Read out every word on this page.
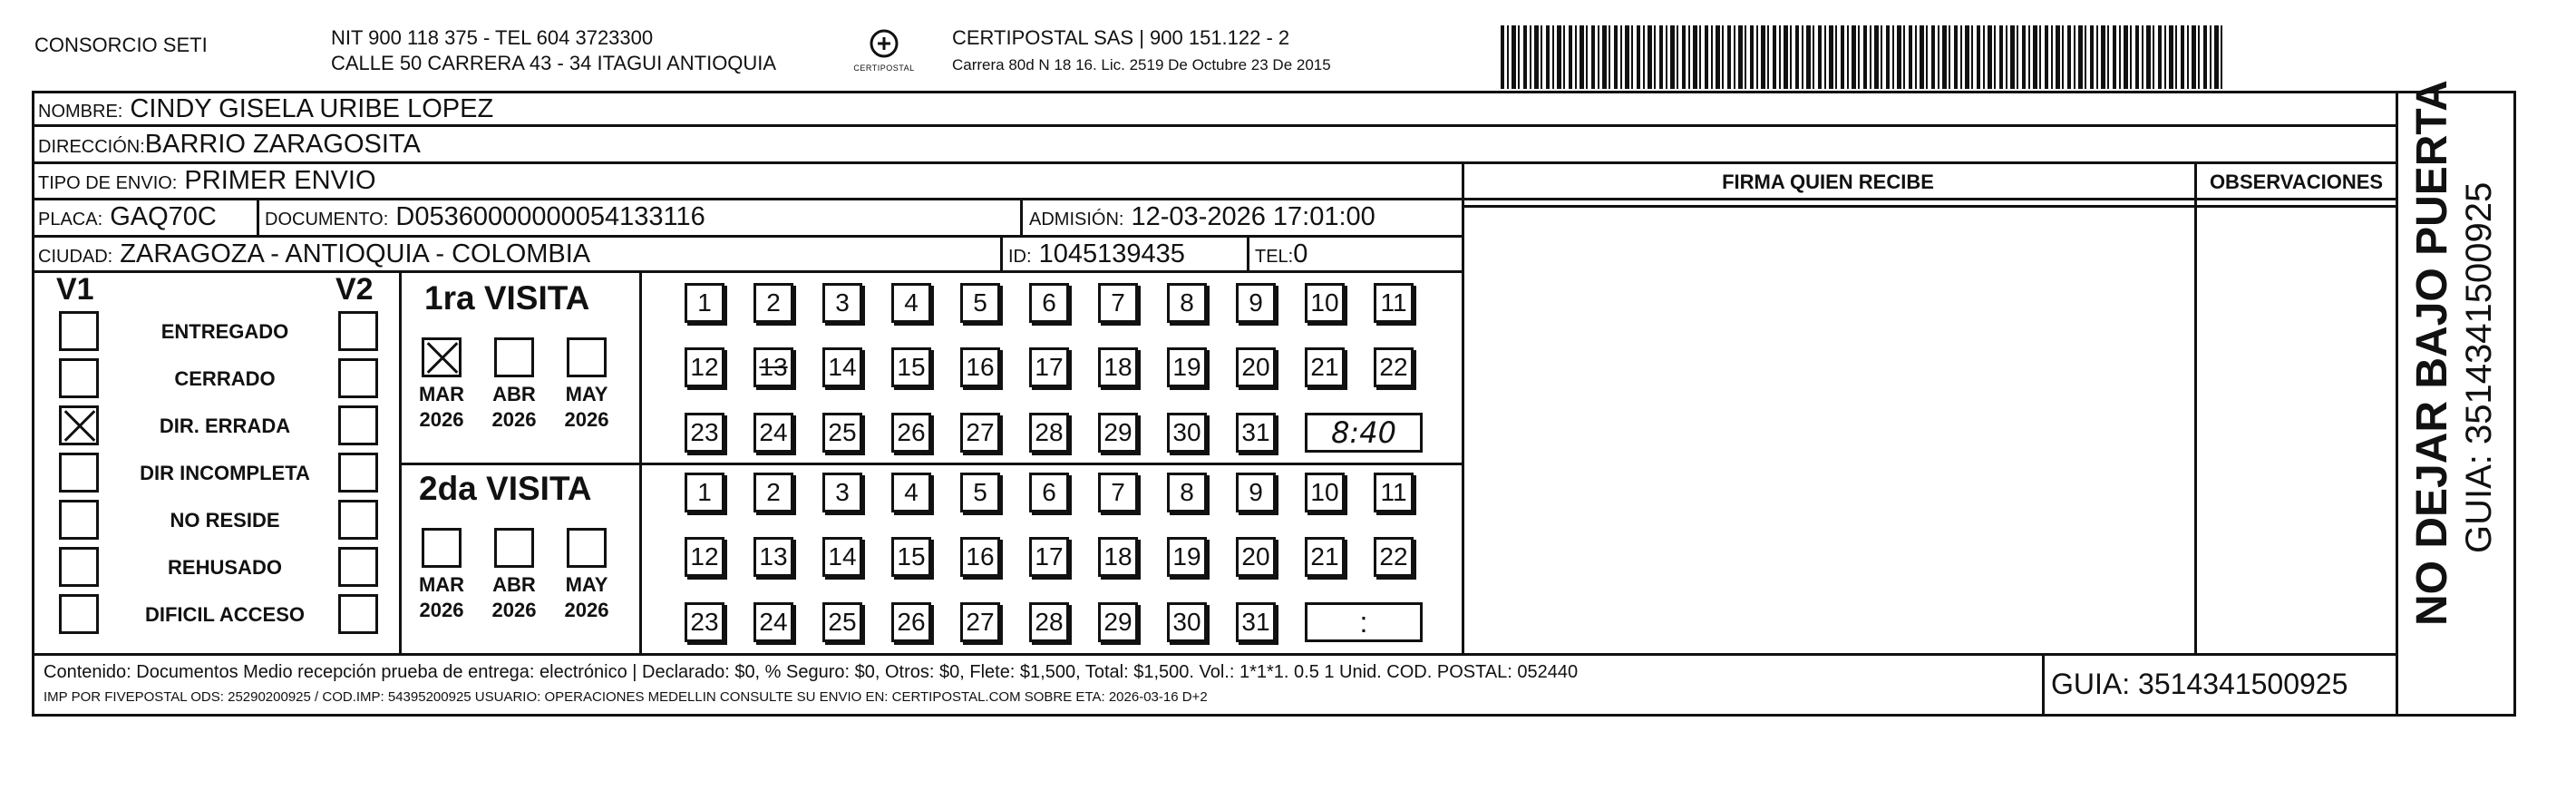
CONSORCIO SETI	NIT 900 118 375 - TEL 604 3723300
CALLE 50 CARRERA 43 - 34 ITAGUI ANTIOQUIA	CERTIPOSTAL
CERTIPOSTAL SAS | 900 151.122 - 2
Carrera 80d N 18 16. Lic. 2519 De Octubre 23 De 2015
NOMBRE: CINDY GISELA URIBE LOPEZ
DIRECCIÓN:BARRIO ZARAGOSITA
TIPO DE ENVIO: PRIMER ENVIO
PLACA: GAQ70C	DOCUMENTO: D05360000000054133116	ADMISIÓN: 12-03-2026 17:01:00
CIUDAD: ZARAGOZA - ANTIOQUIA - COLOMBIA	ID: 1045139435	TEL:0
FIRMA QUIEN RECIBE	OBSERVACIONES
V1	V2
ENTREGADO
CERRADO
DIR. ERRADA
DIR INCOMPLETA
NO RESIDE
REHUSADO
DIFICIL ACCESO
1ra VISITA
2da VISITA
MAR
2026
ABR
2026
MAY
2026
MAR
2026
ABR
2026
MAY
2026
1	2	3	4	5	6	7	8	9	10 11
12 13 14 15 16 17 18 19 20 21 22
23 24 25 26 27 28 29 30 31	8:40
1	2	3	4	5	6	7	8	9	10 11
12 13 14 15 16 17 18 19 20 21 22
23 24 25 26 27 28 29 30 31	:
Contenido: Documentos Medio recepción prueba de entrega: electrónico | Declarado: $0, % Seguro: $0, Otros: $0, Flete: $1,500, Total: $1,500. Vol.: 1*1*1. 0.5 1 Unid. COD. POSTAL: 052440
IMP POR FIVEPOSTAL ODS: 25290200925 / COD.IMP: 54395200925 USUARIO: OPERACIONES MEDELLIN CONSULTE SU ENVIO EN: CERTIPOSTAL.COM SOBRE ETA: 2026-03-16 D+2	GUIA: 3514341500925
NO DEJAR BAJO PUERTA GUIA: 3514341500925
